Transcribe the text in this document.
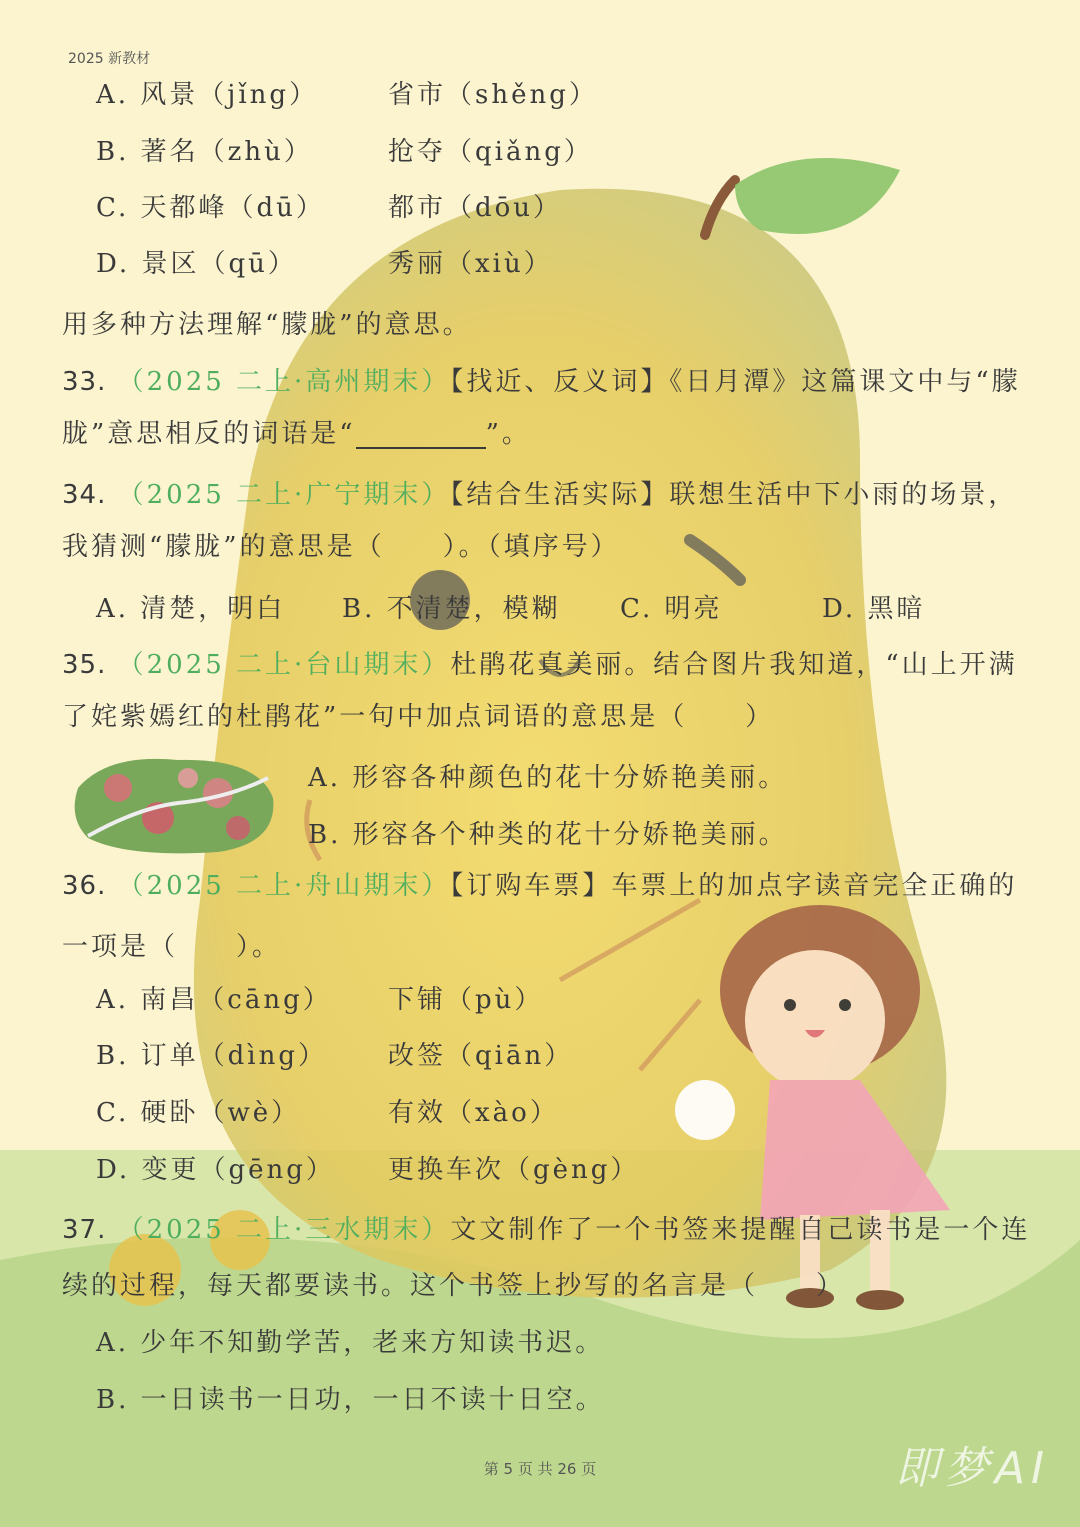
2025 新教材
A. 风景（jǐng）	省市（shěng）
B. 著名（zhù）	抢夺（qiǎng）
C. 天都峰（dū） 都市（dōu）
D. 景区（qū）	秀丽（xiù）
用多种方法理解“朦胧”的意思。
33. （2025 二上·高州期末）【找近、反义词】《日月潭》这篇课文中与“朦
胧”意思相反的词语是“	”。
34. （2025 二上·广宁期末）【结合生活实际】联想生活中下小雨的场景，
我猜测“朦胧”的意思是（　　）。（填序号）
A. 清楚，明白 B. 不清楚，模糊 C. 明亮	D. 黑暗
35. （2025 二上·台山期末）杜鹃花真美丽。结合图片我知道，“山上开满
了姹紫嫣红的杜鹃花”一句中加点词语的意思是（　　）
A. 形容各种颜色的花十分娇艳美丽。
B. 形容各个种类的花十分娇艳美丽。
36. （2025 二上·舟山期末）【订购车票】车票上的加点字读音完全正确的
一项是（　　）。
A. 南昌（cāng） 下铺（pù）
B. 订单（dìng） 改签（qiān）
C. 硬卧（wè）	有效（xào）
D. 变更（gēng） 更换车次（gèng）
37. （2025 二上·三水期末）文文制作了一个书签来提醒自己读书是一个连
续的过程，每天都要读书。这个书签上抄写的名言是（　　）
A. 少年不知勤学苦，老来方知读书迟。
B. 一日读书一日功，一日不读十日空。
第 5 页 共 26 页	即梦AI
